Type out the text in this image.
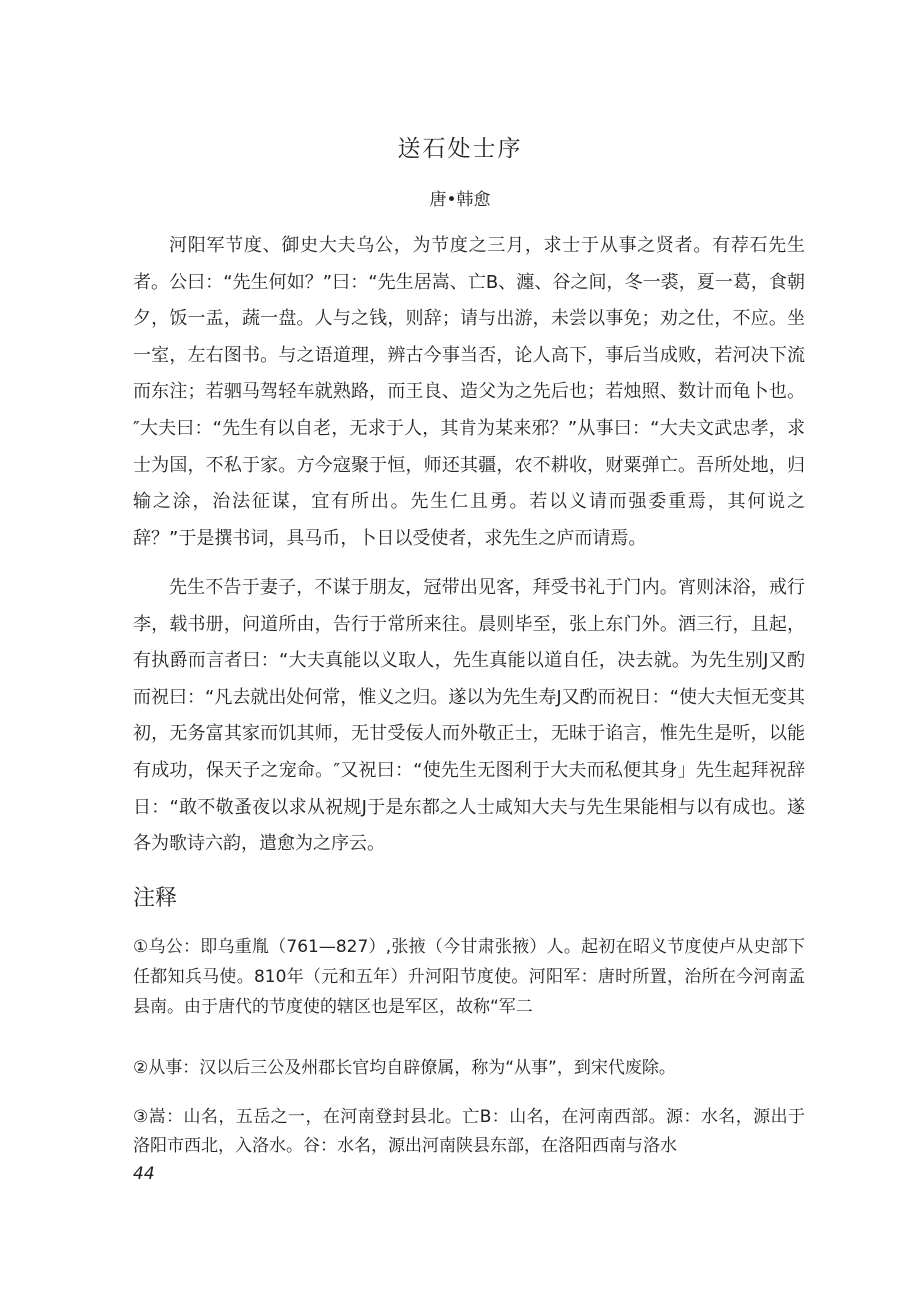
送石处士序
唐•韩愈

河阳军节度、御史大夫乌公，为节度之三月，求士于从事之贤者。有荐石先生者。公曰：“先生何如？”曰：“先生居嵩、亡B、瀍、谷之间，冬一裘，夏一葛，食朝夕，饭一盂，蔬一盘。人与之钱，则辞；请与出游，未尝以事免；劝之仕，不应。坐一室，左右图书。与之语道理，辨古今事当否，论人高下，事后当成败，若河决下流而东注；若驷马驾轻车就熟路，而王良、造父为之先后也；若烛照、数计而龟卜也。″大夫曰：“先生有以自老，无求于人，其肯为某来邪？”从事曰：“大夫文武忠孝，求士为国，不私于家。方今寇聚于恒，师还其疆，农不耕收，财粟弹亡。吾所处地，归输之涂，治法征谋，宜有所出。先生仁且勇。若以义请而强委重焉，其何说之辞？”于是撰书词，具马币，卜日以受使者，求先生之庐而请焉。

先生不告于妻子，不谋于朋友，冠带出见客，拜受书礼于门内。宵则沫浴，戒行李，载书册，问道所由，告行于常所来往。晨则毕至，张上东门外。酒三行，且起，有执爵而言者曰：“大夫真能以义取人，先生真能以道自任，决去就。为先生别J又酌而祝曰：“凡去就出处何常，惟义之归。遂以为先生寿J又酌而祝日：“使大夫恒无变其初，无务富其家而饥其师，无甘受佞人而外敬正士，无昧于谄言，惟先生是听，以能有成功，保天子之宠命。″又祝曰：“使先生无图利于大夫而私便其身」先生起拜祝辞日：“敢不敬蚤夜以求从祝规J于是东都之人士咸知大夫与先生果能相与以有成也。遂各为歌诗六韵，遣愈为之序云。

注释

①乌公：即乌重胤（761—827）,张掖（今甘肃张掖）人。起初在昭义节度使卢从史部下任都知兵马使。810年（元和五年）升河阳节度使。河阳军：唐时所置，治所在今河南孟县南。由于唐代的节度使的辖区也是军区，故称“军二

②从事：汉以后三公及州郡长官均自辟僚属，称为“从事”，到宋代废除。

③嵩：山名，五岳之一，在河南登封县北。亡B：山名，在河南西部。源：水名，源出于洛阳市西北，入洛水。谷：水名，源出河南陕县东部，在洛阳西南与洛水

44
